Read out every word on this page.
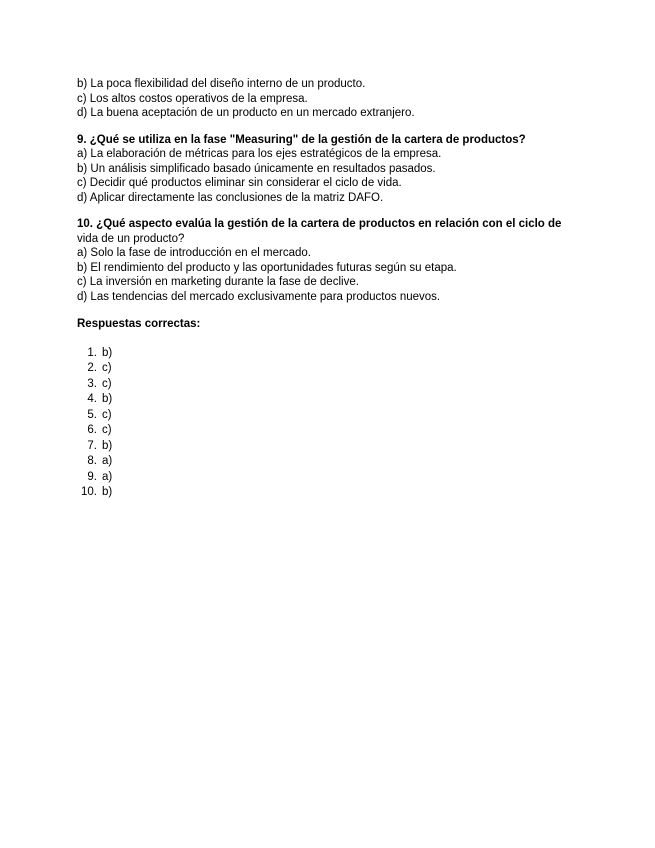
b) La poca flexibilidad del diseño interno de un producto.
c) Los altos costos operativos de la empresa.
d) La buena aceptación de un producto en un mercado extranjero.
9. ¿Qué se utiliza en la fase "Measuring" de la gestión de la cartera de productos?
a) La elaboración de métricas para los ejes estratégicos de la empresa.
b) Un análisis simplificado basado únicamente en resultados pasados.
c) Decidir qué productos eliminar sin considerar el ciclo de vida.
d) Aplicar directamente las conclusiones de la matriz DAFO.
10. ¿Qué aspecto evalúa la gestión de la cartera de productos en relación con el ciclo de
vida de un producto?
a) Solo la fase de introducción en el mercado.
b) El rendimiento del producto y las oportunidades futuras según su etapa.
c) La inversión en marketing durante la fase de declive.
d) Las tendencias del mercado exclusivamente para productos nuevos.
Respuestas correctas:
1. b)
2. c)
3. c)
4. b)
5. c)
6. c)
7. b)
8. a)
9. a)
10. b)
